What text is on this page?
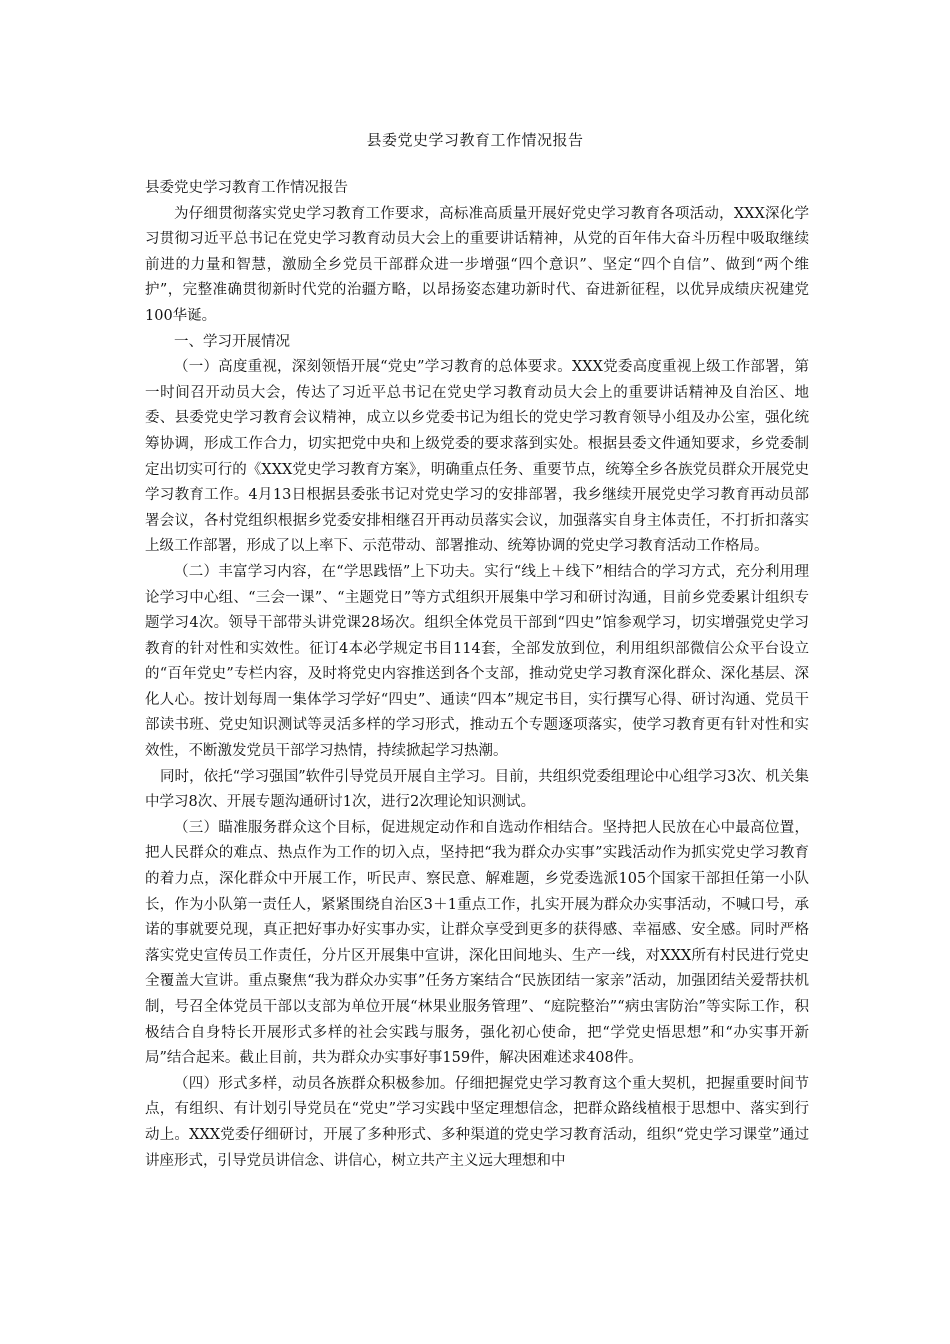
县委党史学习教育工作情况报告

县委党史学习教育工作情况报告

为仔细贯彻落实党史学习教育工作要求，高标准高质量开展好党史学习教育各项活动，XXX深化学习贯彻习近平总书记在党史学习教育动员大会上的重要讲话精神，从党的百年伟大奋斗历程中吸取继续前进的力量和智慧，激励全乡党员干部群众进一步增强“四个意识”、坚定“四个自信”、做到“两个维护”，完整准确贯彻新时代党的治疆方略，以昂扬姿态建功新时代、奋进新征程，以优异成绩庆祝建党100华诞。

一、学习开展情况

（一）高度重视，深刻领悟开展“党史”学习教育的总体要求。XXX党委高度重视上级工作部署，第一时间召开动员大会，传达了习近平总书记在党史学习教育动员大会上的重要讲话精神及自治区、地委、县委党史学习教育会议精神，成立以乡党委书记为组长的党史学习教育领导小组及办公室，强化统筹协调，形成工作合力，切实把党中央和上级党委的要求落到实处。根据县委文件通知要求，乡党委制定出切实可行的《XXX党史学习教育方案》，明确重点任务、重要节点，统筹全乡各族党员群众开展党史学习教育工作。4月13日根据县委张书记对党史学习的安排部署，我乡继续开展党史学习教育再动员部署会议，各村党组织根据乡党委安排相继召开再动员落实会议，加强落实自身主体责任，不打折扣落实上级工作部署，形成了以上率下、示范带动、部署推动、统筹协调的党史学习教育活动工作格局。

（二）丰富学习内容，在“学思践悟”上下功夫。实行“线上＋线下”相结合的学习方式，充分利用理论学习中心组、“三会一课”、“主题党日”等方式组织开展集中学习和研讨沟通，目前乡党委累计组织专题学习4次。领导干部带头讲党课28场次。组织全体党员干部到“四史”馆参观学习，切实增强党史学习教育的针对性和实效性。征订4本必学规定书目114套，全部发放到位，利用组织部微信公众平台设立的“百年党史”专栏内容，及时将党史内容推送到各个支部，推动党史学习教育深化群众、深化基层、深化人心。按计划每周一集体学习学好“四史”、通读“四本”规定书目，实行撰写心得、研讨沟通、党员干部读书班、党史知识测试等灵活多样的学习形式，推动五个专题逐项落实，使学习教育更有针对性和实效性，不断激发党员干部学习热情，持续掀起学习热潮。

同时，依托“学习强国”软件引导党员开展自主学习。目前，共组织党委组理论中心组学习3次、机关集中学习8次、开展专题沟通研讨1次，进行2次理论知识测试。

（三）瞄准服务群众这个目标，促进规定动作和自选动作相结合。坚持把人民放在心中最高位置，把人民群众的难点、热点作为工作的切入点，坚持把“我为群众办实事”实践活动作为抓实党史学习教育的着力点，深化群众中开展工作，听民声、察民意、解难题，乡党委选派105个国家干部担任第一小队长，作为小队第一责任人，紧紧围绕自治区3＋1重点工作，扎实开展为群众办实事活动，不喊口号，承诺的事就要兑现，真正把好事办好实事办实，让群众享受到更多的获得感、幸福感、安全感。同时严格落实党史宣传员工作责任，分片区开展集中宣讲，深化田间地头、生产一线，对XXX所有村民进行党史全覆盖大宣讲。重点聚焦“我为群众办实事”任务方案结合“民族团结一家亲”活动，加强团结关爱帮扶机制，号召全体党员干部以支部为单位开展“林果业服务管理”、“庭院整治”“病虫害防治”等实际工作，积极结合自身特长开展形式多样的社会实践与服务，强化初心使命，把“学党史悟思想”和“办实事开新局”结合起来。截止目前，共为群众办实事好事159件，解决困难述求408件。

（四）形式多样，动员各族群众积极参加。仔细把握党史学习教育这个重大契机，把握重要时间节点，有组织、有计划引导党员在“党史”学习实践中坚定理想信念，把群众路线植根于思想中、落实到行动上。XXX党委仔细研讨，开展了多种形式、多种渠道的党史学习教育活动，组织“党史学习课堂”通过讲座形式，引导党员讲信念、讲信心，树立共产主义远大理想和中
